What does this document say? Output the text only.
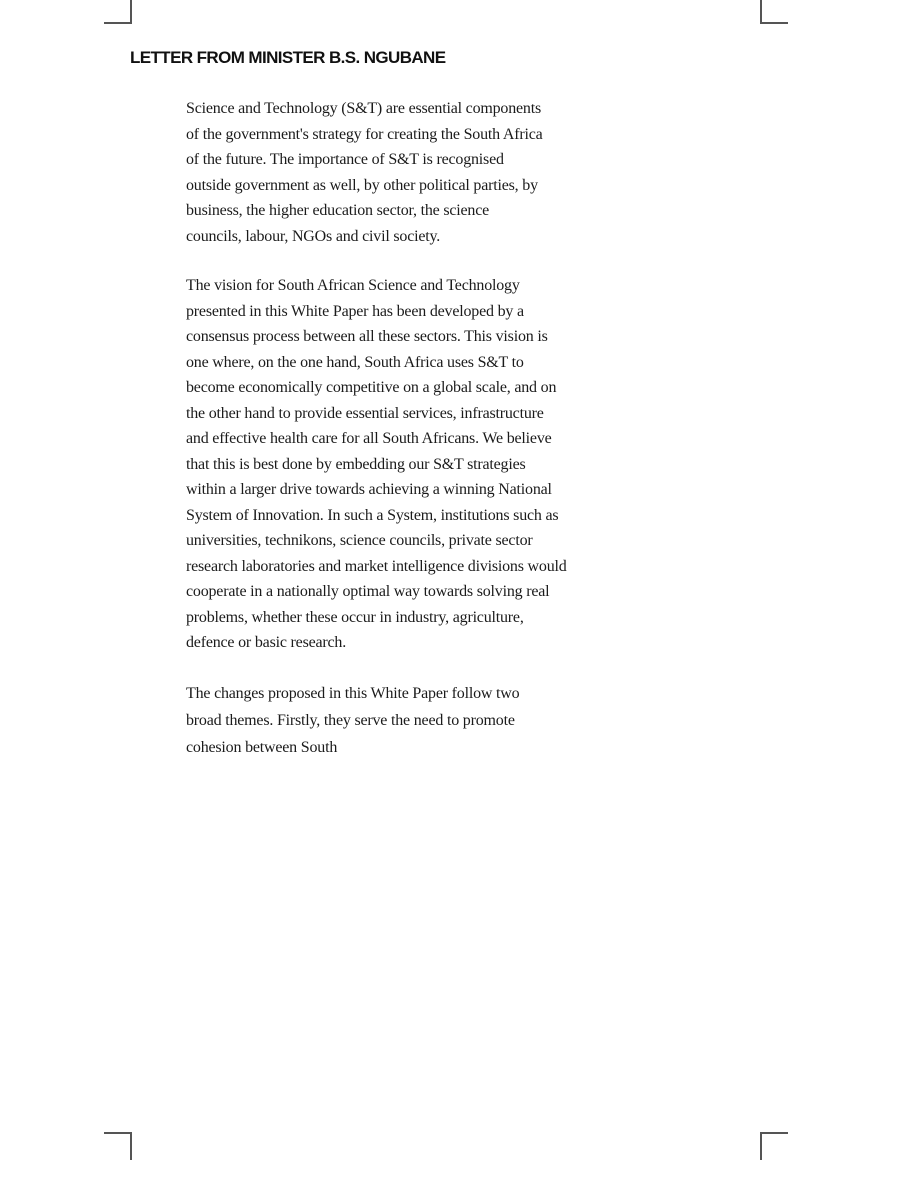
LETTER FROM MINISTER B.S. NGUBANE

Science and Technology (S&T) are essential components
of the government's strategy for creating the South Africa
of the future. The importance of S&T is recognised
outside government as well, by other political parties, by
business, the higher education sector, the science
councils, labour, NGOs and civil society.

The vision for South African Science and Technology
presented in this White Paper has been developed by a
consensus process between all these sectors. This vision is
one where, on the one hand, South Africa uses S&T to
become economically competitive on a global scale, and on
the other hand to provide essential services, infrastructure
and effective health care for all South Africans. We believe
that this is best done by embedding our S&T strategies
within a larger drive towards achieving a winning National
System of Innovation. In such a System, institutions such as
universities, technikons, science councils, private sector
research laboratories and market intelligence divisions would
cooperate in a nationally optimal way towards solving real
problems, whether these occur in industry, agriculture,
defence or basic research.

The changes proposed in this White Paper follow two
broad themes. Firstly, they serve the need to promote
cohesion between South
